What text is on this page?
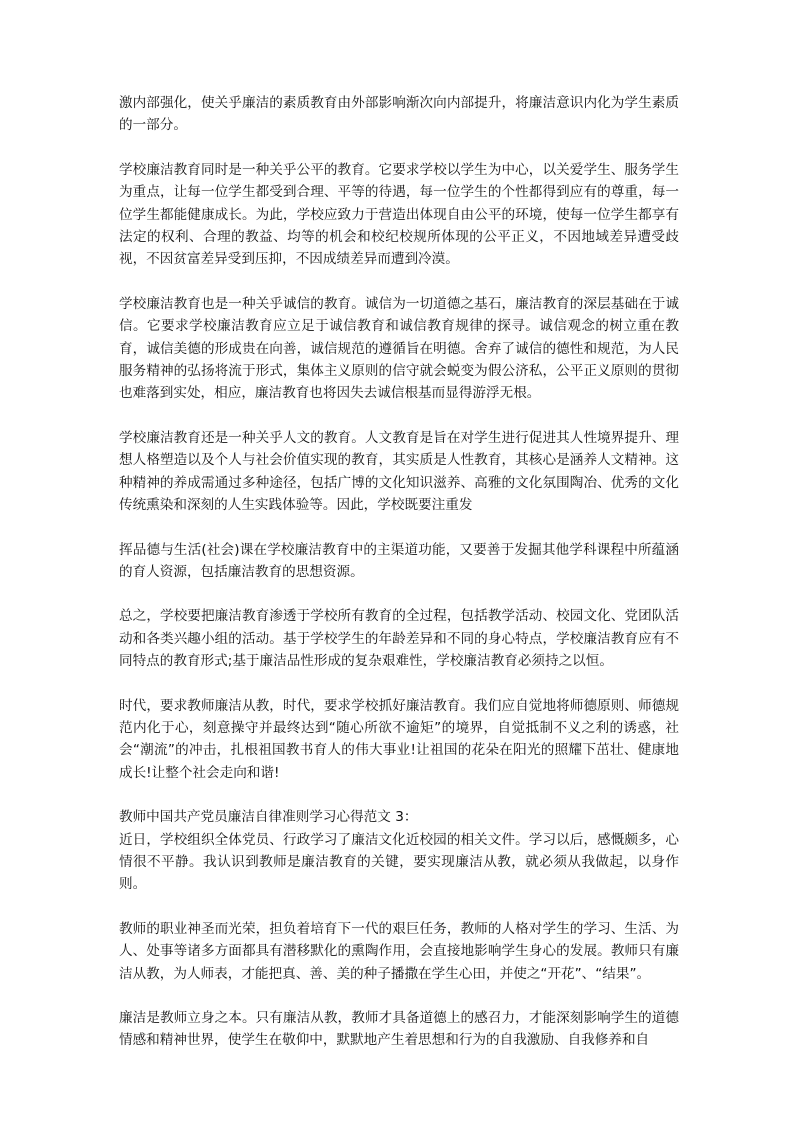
激内部强化，使关乎廉洁的素质教育由外部影响渐次向内部提升，将廉洁意识内化为学生素质的一部分。

学校廉洁教育同时是一种关乎公平的教育。它要求学校以学生为中心，以关爱学生、服务学生为重点，让每一位学生都受到合理、平等的待遇，每一位学生的个性都得到应有的尊重，每一位学生都能健康成长。为此，学校应致力于营造出体现自由公平的环境，使每一位学生都享有法定的权利、合理的教益、均等的机会和校纪校规所体现的公平正义，不因地域差异遭受歧视，不因贫富差异受到压抑，不因成绩差异而遭到冷漠。

学校廉洁教育也是一种关乎诚信的教育。诚信为一切道德之基石，廉洁教育的深层基础在于诚信。它要求学校廉洁教育应立足于诚信教育和诚信教育规律的探寻。诚信观念的树立重在教育，诚信美德的形成贵在向善，诚信规范的遵循旨在明德。舍弃了诚信的德性和规范，为人民服务精神的弘扬将流于形式，集体主义原则的信守就会蜕变为假公济私，公平正义原则的贯彻也难落到实处，相应，廉洁教育也将因失去诚信根基而显得游浮无根。

学校廉洁教育还是一种关乎人文的教育。人文教育是旨在对学生进行促进其人性境界提升、理想人格塑造以及个人与社会价值实现的教育，其实质是人性教育，其核心是涵养人文精神。这种精神的养成需通过多种途径，包括广博的文化知识滋养、高雅的文化氛围陶冶、优秀的文化传统熏染和深刻的人生实践体验等。因此，学校既要注重发

挥品德与生活(社会)课在学校廉洁教育中的主渠道功能，又要善于发掘其他学科课程中所蕴涵的育人资源，包括廉洁教育的思想资源。

总之，学校要把廉洁教育渗透于学校所有教育的全过程，包括教学活动、校园文化、党团队活动和各类兴趣小组的活动。基于学校学生的年龄差异和不同的身心特点，学校廉洁教育应有不同特点的教育形式;基于廉洁品性形成的复杂艰难性，学校廉洁教育必须持之以恒。

时代，要求教师廉洁从教，时代，要求学校抓好廉洁教育。我们应自觉地将师德原则、师德规范内化于心，刻意操守并最终达到“随心所欲不逾矩”的境界，自觉抵制不义之利的诱惑，社会“潮流”的冲击，扎根祖国教书育人的伟大事业!让祖国的花朵在阳光的照耀下茁壮、健康地成长!让整个社会走向和谐!

教师中国共产党员廉洁自律准则学习心得范文 3：

近日，学校组织全体党员、行政学习了廉洁文化近校园的相关文件。学习以后，感慨颇多，心情很不平静。我认识到教师是廉洁教育的关键，要实现廉洁从教，就必须从我做起，以身作则。

教师的职业神圣而光荣，担负着培育下一代的艰巨任务，教师的人格对学生的学习、生活、为人、处事等诸多方面都具有潜移默化的熏陶作用，会直接地影响学生身心的发展。教师只有廉洁从教，为人师表，才能把真、善、美的种子播撒在学生心田，并使之“开花”、“结果”。

廉洁是教师立身之本。只有廉洁从教，教师才具备道德上的感召力，才能深刻影响学生的道德情感和精神世界，使学生在敬仰中，默默地产生着思想和行为的自我激励、自我修养和自
